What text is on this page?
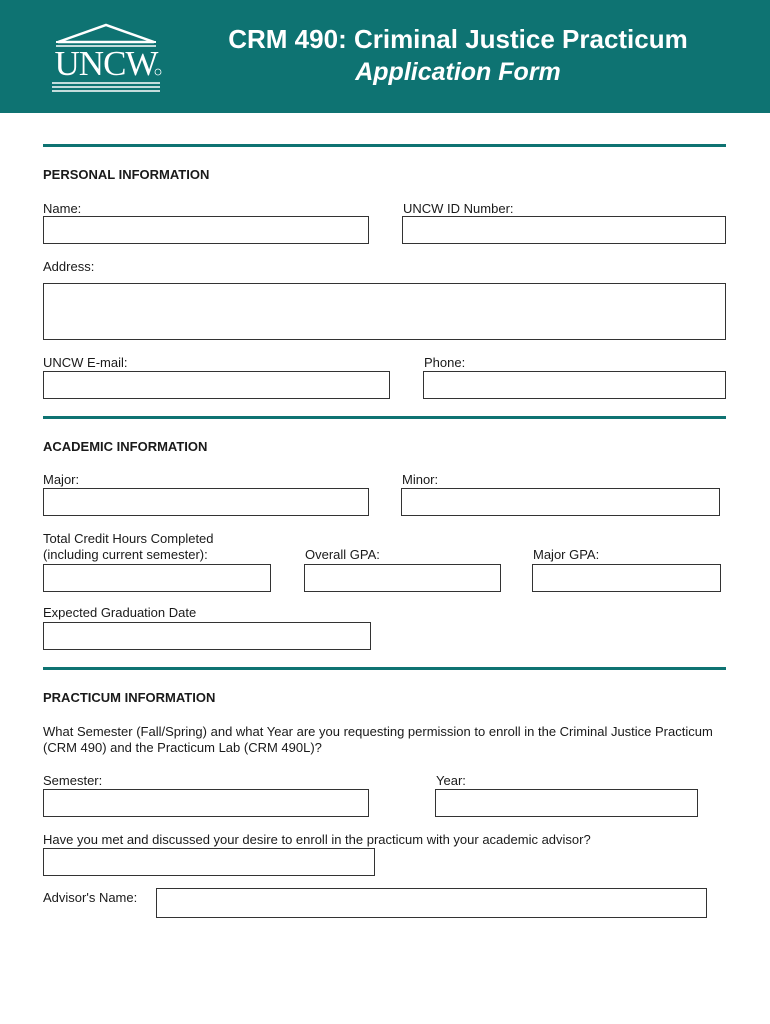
UNCW
CRM 490: Criminal Justice Practicum
Application Form
PERSONAL INFORMATION
Name:	UNCW ID Number:
Address:
UNCW E-mail:	Phone:
ACADEMIC INFORMATION
Major:	Minor:
Total Credit Hours Completed
(including current semester):	Overall GPA:	Major GPA:
Expected Graduation Date
PRACTICUM INFORMATION
What Semester (Fall/Spring) and what Year are you requesting permission to enroll in the Criminal Justice Practicum
(CRM 490) and the Practicum Lab (CRM 490L)?
Semester:	Year:
Have you met and discussed your desire to enroll in the practicum with your academic advisor?
Advisor's Name:
